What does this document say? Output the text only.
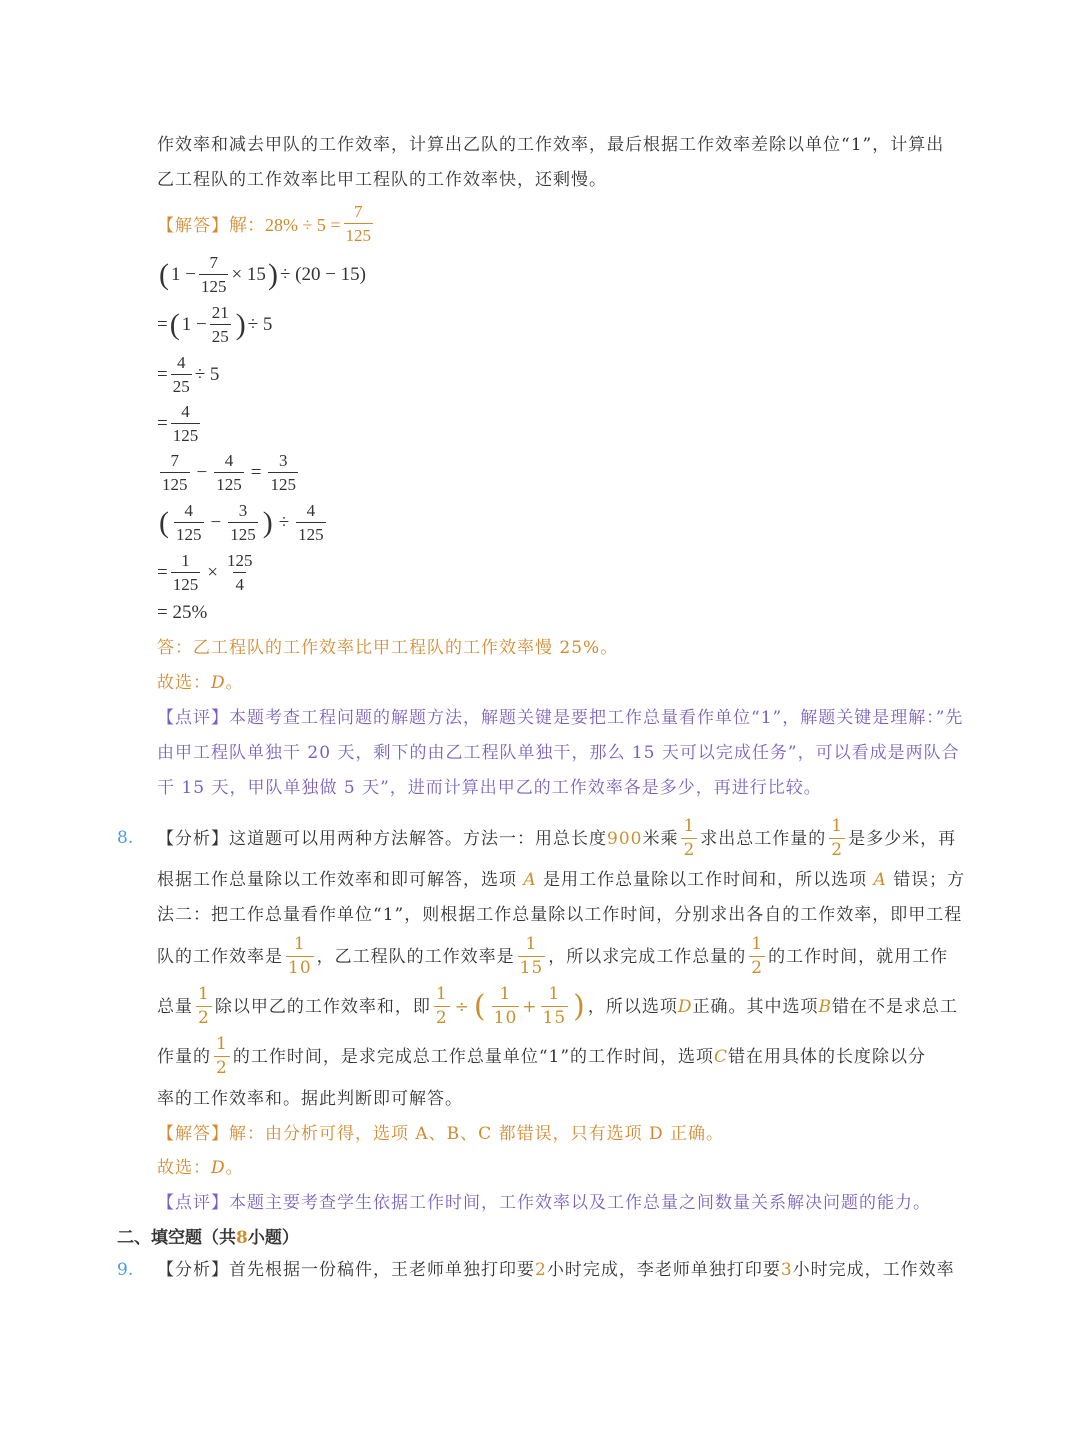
作效率和减去甲队的工作效率，计算出乙队的工作效率，最后根据工作效率差除以单位“1”，计算出
乙工程队的工作效率比甲工程队的工作效率快，还剩慢。
【解答】 解：$28\% \div 5 = \frac{7}{125}$
( $1 - \frac{7}{125} \times 15$ ) ÷ (20 − 15)
= ( $1 - \frac{21}{25}$ ) ÷ 5
= $\frac{4}{25} \div 5$
= $\frac{4}{125}$
$\frac{7}{125} - \frac{4}{125} = \frac{3}{125}$
( $\frac{4}{125} - \frac{3}{125}$ ) ÷ $\frac{4}{125}$
= $\frac{1}{125} \times \frac{125}{4}$
= 25%
答：乙工程队的工作效率比甲工程队的工作效率慢 25%。
故选：D。
【点评】本题考查工程问题的解题方法，解题关键是要把工作总量看作单位“1”，解题关键是理解：”先
由甲工程队单独干 20 天，剩下的由乙工程队单独干，那么 15 天可以完成任务”，可以看成是两队合
干 15 天，甲队单独做 5 天”，进而计算出甲乙的工作效率各是多少，再进行比较。
8. 【分析】 这道题可以用两种方法解答。方法一：用总长度 900 米乘 $\frac{1}{2}$ 求出总工作量的 $\frac{1}{2}$ 是多少米，再
根据工作总量除以工作效率和即可解答，选项 A 是用工作总量除以工作时间和，所以选项 A 错误；方
法二：把工作总量看作单位“1”，则根据工作总量除以工作时间，分别求出各自的工作效率，即甲工程
队的工作效率是 $\frac{1}{10}$ ，乙工程队的工作效率是 $\frac{1}{15}$ ，所以求完成工作总量的 $\frac{1}{2}$ 的工作时间，就用工作
总量 $\frac{1}{2}$ 除以甲乙的工作效率和，即 $\frac{1}{2}$ ÷ ( $\frac{1}{10} + \frac{1}{15}$ ) ，所以选项 D 正确。其中选项 B 错在不是求总工
作量的 $\frac{1}{2}$ 的工作时间，是求完成总工作总量单位“1”的工作时间，选项 C 错在用具体的长度除以分
率的工作效率和。据此判断即可解答。
【解答】解：由分析可得，选项 A、B、C 都错误，只有选项 D 正确。
故选：D。
【点评】本题主要考查学生依据工作时间，工作效率以及工作总量之间数量关系解决问题的能力。
二、填空题（共8小题）
9. 【分析】首先根据一份稿件，王老师单独打印要2小时完成，李老师单独打印要3小时完成，工作效率
